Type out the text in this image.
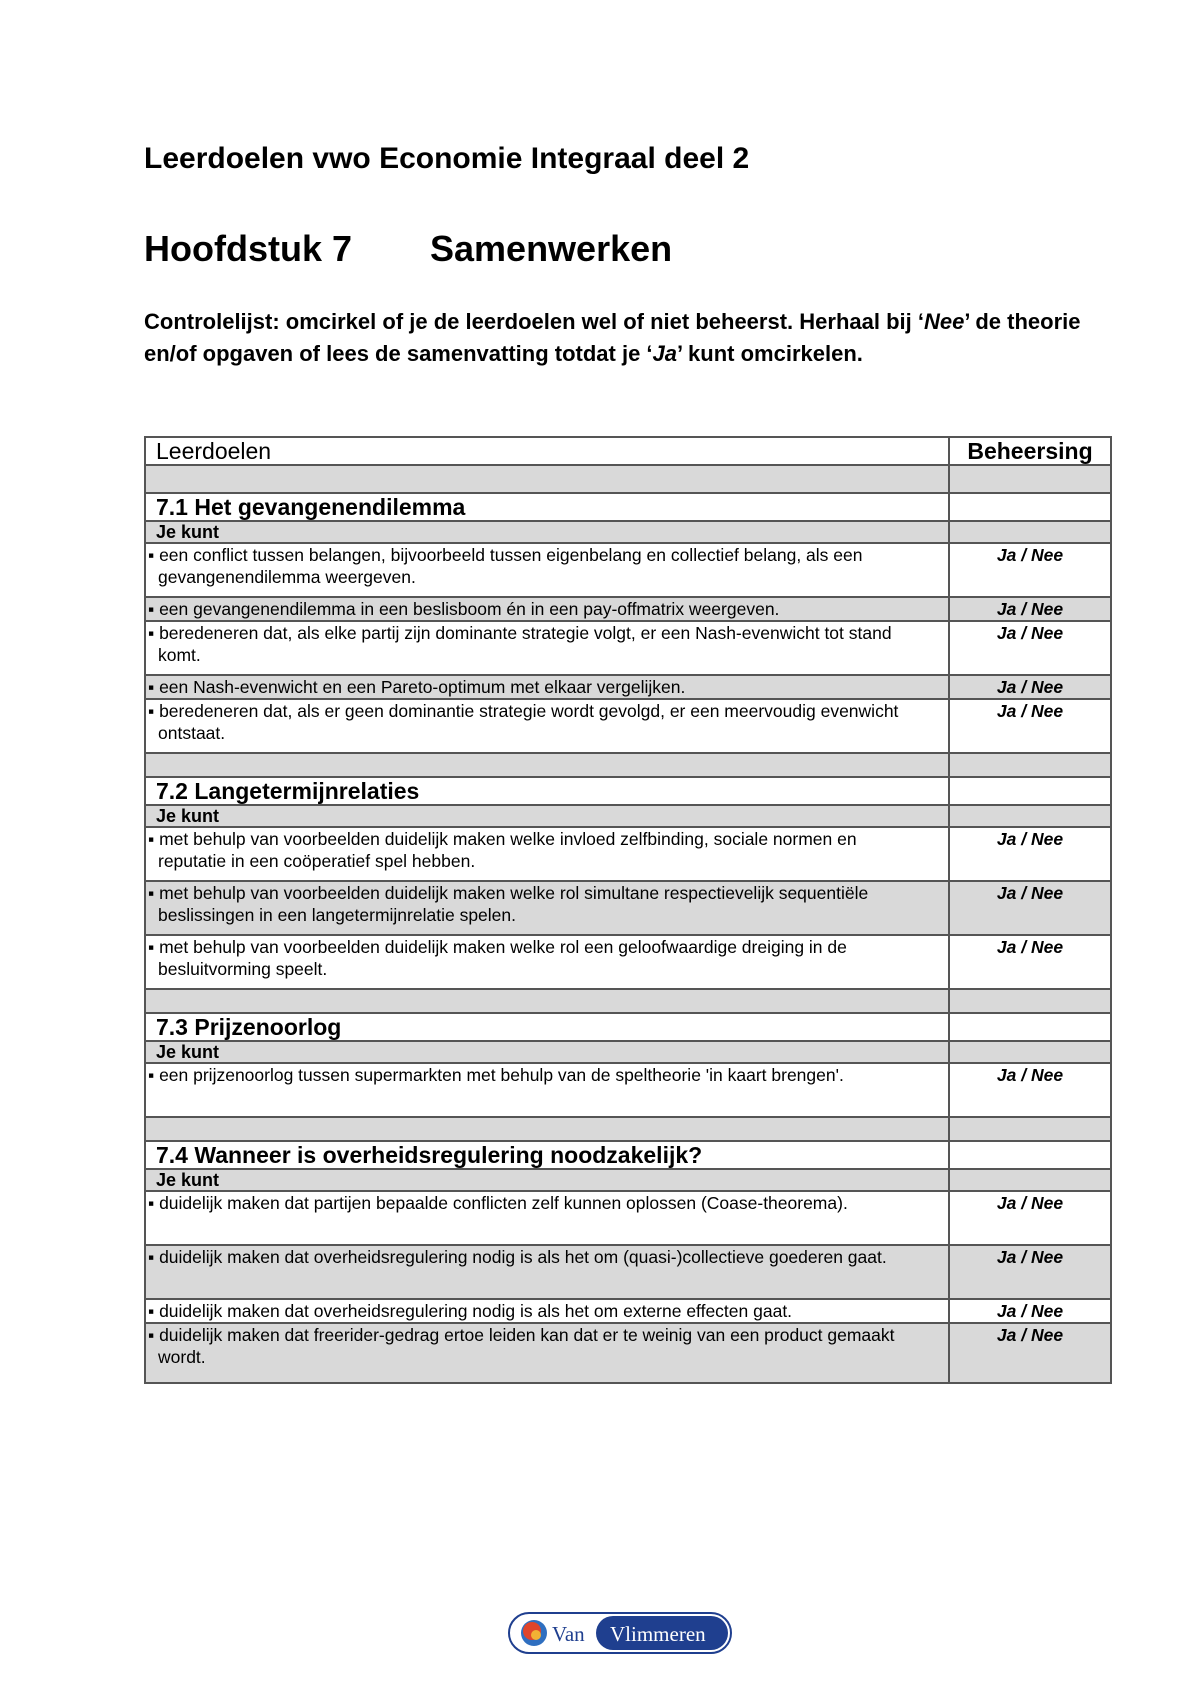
Leerdoelen vwo Economie Integraal deel 2
Hoofdstuk 7 Samenwerken

Controlelijst: omcirkel of je de leerdoelen wel of niet beheerst. Herhaal bij ‘Nee’ de theorie en/of opgaven of lees de samenvatting totdat je ‘Ja’ kunt omcirkelen.

Leerdoelen	Beheersing

7.1 Het gevangenendilemma	
Je kunt	
▪ een conflict tussen belangen, bijvoorbeeld tussen eigenbelang en collectief belang, als een gevangenendilemma weergeven.	Ja / Nee
▪ een gevangenendilemma in een beslisboom én in een pay-offmatrix weergeven.	Ja / Nee
▪ beredeneren dat, als elke partij zijn dominante strategie volgt, er een Nash-evenwicht tot stand komt.	Ja / Nee
▪ een Nash-evenwicht en een Pareto-optimum met elkaar vergelijken.	Ja / Nee
▪ beredeneren dat, als er geen dominantie strategie wordt gevolgd, er een meervoudig evenwicht ontstaat.	Ja / Nee

7.2 Langetermijnrelaties	
Je kunt	
▪ met behulp van voorbeelden duidelijk maken welke invloed zelfbinding, sociale normen en reputatie in een coöperatief spel hebben.	Ja / Nee
▪ met behulp van voorbeelden duidelijk maken welke rol simultane respectievelijk sequentiële beslissingen in een langetermijnrelatie spelen.	Ja / Nee
▪ met behulp van voorbeelden duidelijk maken welke rol een geloofwaardige dreiging in de besluitvorming speelt.	Ja / Nee

7.3 Prijzenoorlog	
Je kunt	
▪ een prijzenoorlog tussen supermarkten met behulp van de speltheorie 'in kaart brengen'.	Ja / Nee

7.4 Wanneer is overheidsregulering noodzakelijk?	
Je kunt	
▪ duidelijk maken dat partijen bepaalde conflicten zelf kunnen oplossen (Coase-theorema).	Ja / Nee
▪ duidelijk maken dat overheidsregulering nodig is als het om (quasi-)collectieve goederen gaat.	Ja / Nee
▪ duidelijk maken dat overheidsregulering nodig is als het om externe effecten gaat.	Ja / Nee
▪ duidelijk maken dat freerider-gedrag ertoe leiden kan dat er te weinig van een product gemaakt wordt.	Ja / Nee
Van Vlimmeren
